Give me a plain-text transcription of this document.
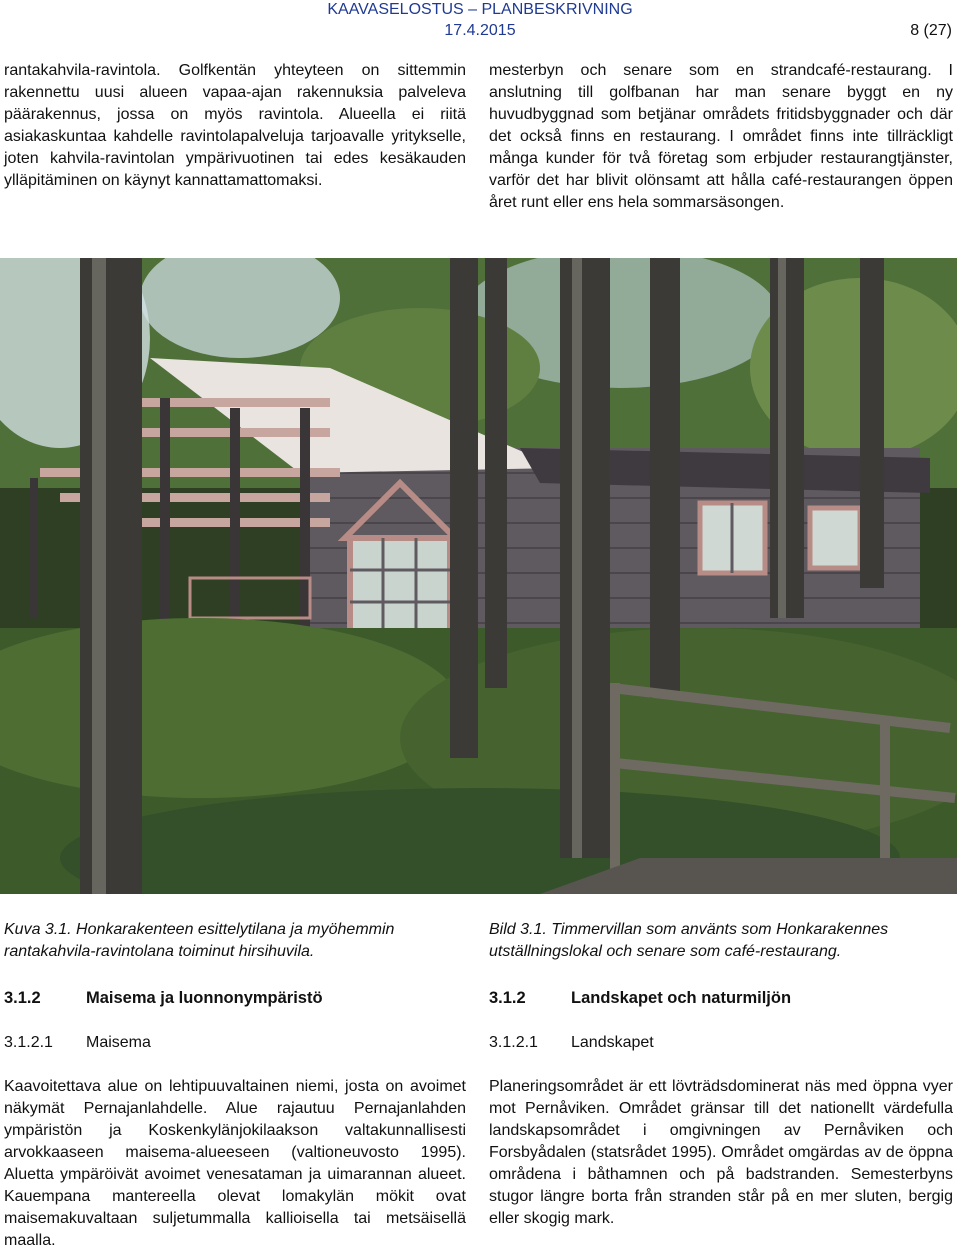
KAAVASELOSTUS – PLANBESKRIVNING
17.4.2015	8 (27)
rantakahvila-ravintola. Golfkentän yhteyteen on sittemmin rakennettu uusi alueen vapaa-ajan rakennuksia palveleva päärakennus, jossa on myös ravintola. Alueella ei riitä asiakaskuntaa kahdelle ravintolapalveluja tarjoavalle yritykselle, joten kahvila-ravintolan ympärivuotinen tai edes kesäkauden ylläpitäminen on käynyt kannattamattomaksi.
mesterbyn och senare som en strandcafé-restaurang. I anslutning till golfbanan har man senare byggt en ny huvudbyggnad som betjänar områdets fritidsbyggnader och där det också finns en restaurang. I området finns inte tillräckligt många kunder för två företag som erbjuder restaurangtjänster, varför det har blivit olönsamt att hålla café-restaurangen öppen året runt eller ens hela sommarsäsongen.
Kuva 3.1. Honkarakenteen esittelytilana ja myöhemmin rantakahvila-ravintolana toiminut hirsihuvila.
Bild 3.1. Timmervillan som använts som Honkarakennes utställningslokal och senare som café-restaurang.
3.1.2	Maisema ja luonnonympäristö	3.1.2	Landskapet och naturmiljön
3.1.2.1 Maisema	3.1.2.1 Landskapet
Kaavoitettava alue on lehtipuuvaltainen niemi, josta on avoimet näkymät Pernajanlahdelle. Alue rajautuu Pernajanlahden ympäristön ja Koskenkylänjokilaakson valtakunnallisesti arvokkaaseen maisema-alueeseen (valtioneuvosto 1995). Aluetta ympäröivät avoimet venesataman ja uimarannan alueet. Kauempana mantereella olevat lomakylän mökit ovat maisemakuvaltaan suljetummalla kallioisella tai metsäisellä maalla.
Planeringsområdet är ett lövträdsdominerat näs med öppna vyer mot Pernåviken. Området gränsar till det nationellt värdefulla landskapsområdet i omgivningen av Pernåviken och Forsbyådalen (statsrådet 1995). Området omgärdas av de öppna områdena i båthamnen och på badstranden. Semesterbyns stugor längre borta från stranden står på en mer sluten, bergig eller skogig mark.
